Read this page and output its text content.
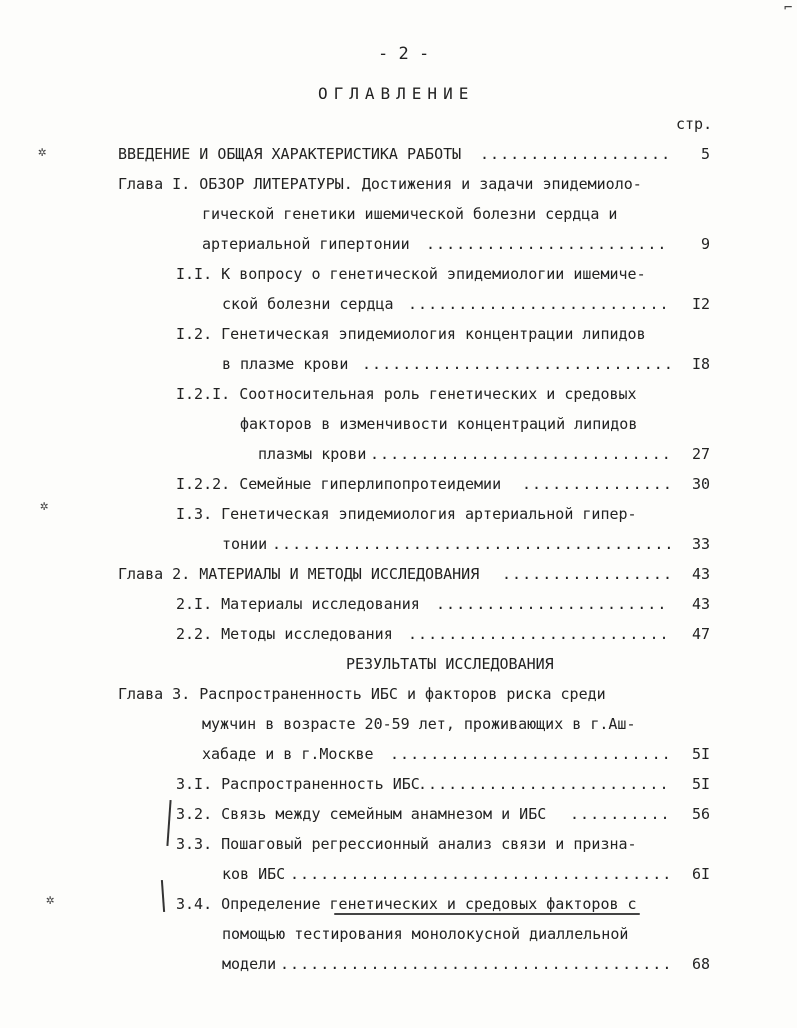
- 2 -
ОГЛАВЛЕНИЕ
стр.
ВВЕДЕНИЕ И ОБЩАЯ ХАРАКТЕРИСТИКА РАБОТЫ . . .	5
Глава I. ОБЗОР ЛИТЕРАТУРЫ. Достижения и задачи эпидемиоло-
гической генетики ишемической болезни сердца и
артериальной гипертонии . . .	9
I.I. К вопросу о генетической эпидемиологии ишемиче-
ской болезни сердца . . .	I2
I.2. Генетическая эпидемиология концентрации липидов
в плазме крови . . .	I8
I.2.I. Соотносительная роль генетических и средовых
факторов в изменчивости концентраций липидов
плазмы крови . . .	27
I.2.2. Семейные гиперлипопротеидемии . . .	30
I.3. Генетическая эпидемиология артериальной гипер-
тонии . . .	33
Глава 2. МАТЕРИАЛЫ И МЕТОДЫ ИССЛЕДОВАНИЯ . . .	43
2.I. Материалы исследования . . .	43
2.2. Методы исследования . . .	47
РЕЗУЛЬТАТЫ ИССЛЕДОВАНИЯ
Глава 3. Распространенность ИБС и факторов риска среди
мужчин в возрасте 20-59 лет, проживающих в г.Аш-
хабаде и в г.Москве . . .	5I
3.I. Распространенность ИБС . . .	5I
3.2. Связь между семейным анамнезом и ИБС . . .	56
3.3. Пошаговый регрессионный анализ связи и призна-
ков ИБС . . .	6I
3.4. Определение генетических и средовых факторов с
помощью тестирования монолокусной диаллельной
модели . . .	68
✲
✲
✲
⌐
